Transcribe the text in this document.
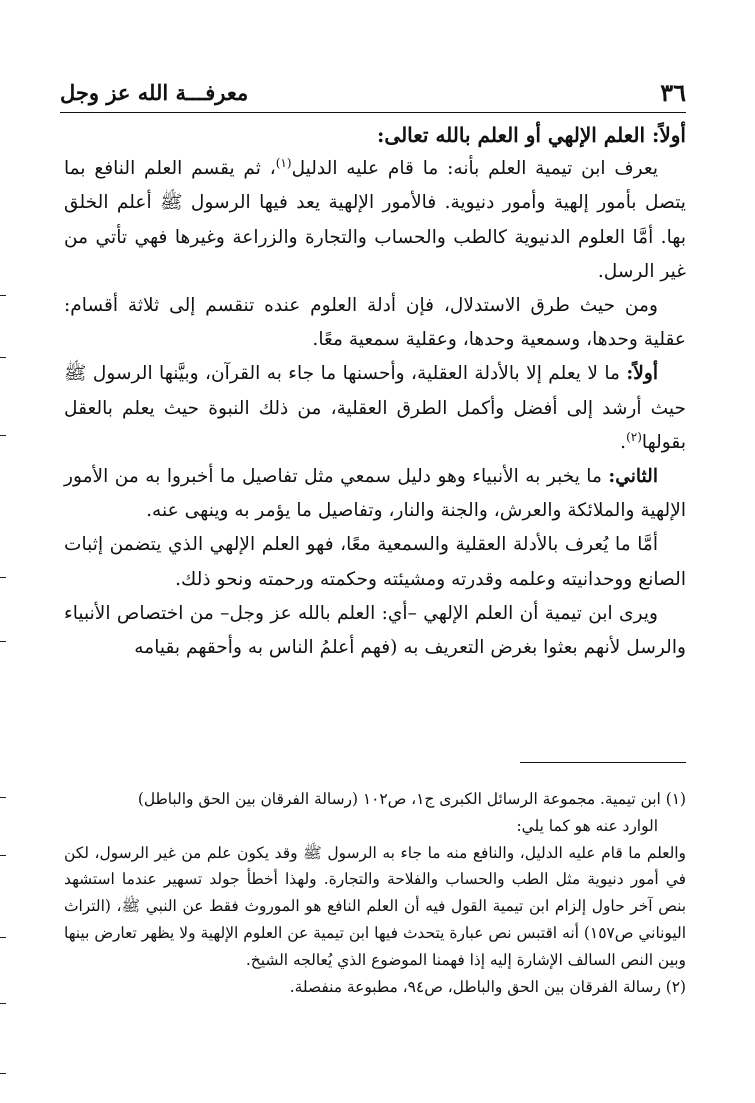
٣٦
معرفـــة الله عز وجل

أولاً: العلم الإلهي أو العلم بالله تعالى:

يعرف ابن تيمية العلم بأنه: ما قام عليه الدليل$^{(١)}$، ثم يقسم العلم النافع بما يتصل بأمور إلهية وأمور دنيوية. فالأمور الإلهية يعد فيها الرسول ﷺ أعلم الخلق بها. أمَّا العلوم الدنيوية كالطب والحساب والتجارة والزراعة وغيرها فهي تأتي من غير الرسل.

ومن حيث طرق الاستدلال، فإن أدلة العلوم عنده تنقسم إلى ثلاثة أقسام: عقلية وحدها، وسمعية وحدها، وعقلية سمعية معًا.

أولاً: ما لا يعلم إلا بالأدلة العقلية، وأحسنها ما جاء به القرآن، وبيَّنها الرسول ﷺ حيث أرشد إلى أفضل وأكمل الطرق العقلية، من ذلك النبوة حيث يعلم بالعقل بقولها$^{(٢)}$.

الثاني: ما يخبر به الأنبياء وهو دليل سمعي مثل تفاصيل ما أخبروا به من الأمور الإلهية والملائكة والعرش، والجنة والنار، وتفاصيل ما يؤمر به وينهى عنه.

أمَّا ما يُعرف بالأدلة العقلية والسمعية معًا، فهو العلم الإلهي الذي يتضمن إثبات الصانع ووحدانيته وعلمه وقدرته ومشيئته وحكمته ورحمته ونحو ذلك.

ويرى ابن تيمية أن العلم الإلهي –أي: العلم بالله عز وجل– من اختصاص الأنبياء والرسل لأنهم بعثوا بغرض التعريف به (فهم أعلمُ الناس به وأحقهم بقيامه

(١) ابن تيمية. مجموعة الرسائل الكبرى ج١، ص١٠٢ (رسالة الفرقان بين الحق والباطل)

الوارد عنه هو كما يلي:

والعلم ما قام عليه الدليل، والنافع منه ما جاء به الرسول ﷺ وقد يكون علم من غير الرسول، لكن في أمور دنيوية مثل الطب والحساب والفلاحة والتجارة. ولهذا أخطأ جولد تسهير عندما استشهد بنص آخر حاول إلزام ابن تيمية القول فيه أن العلم النافع هو الموروث فقط عن النبي ﷺ، (التراث اليوناني ص١٥٧) أنه اقتبس نص عبارة يتحدث فيها ابن تيمية عن العلوم الإلهية ولا يظهر تعارض بينها وبين النص السالف الإشارة إليه إذا فهمنا الموضوع الذي يُعالجه الشيخ.

(٢) رسالة الفرقان بين الحق والباطل، ص٩٤، مطبوعة منفصلة.
